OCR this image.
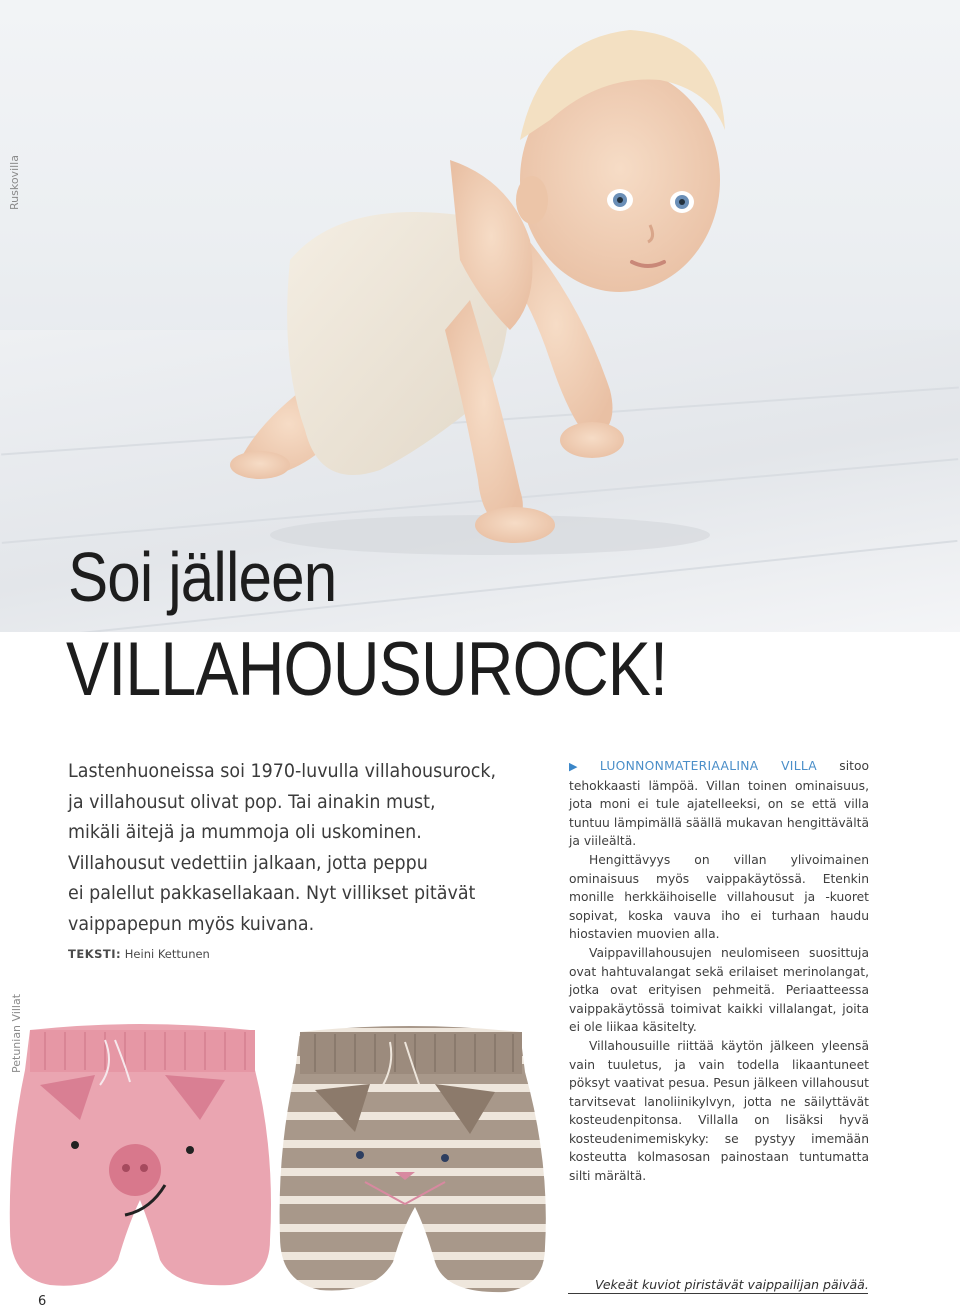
Ruskovilla
Soi jälleen
VILLAHOUSUROCK!

Lastenhuoneissa soi 1970-luvulla villahousurock,
ja villahousut olivat pop. Tai ainakin must,
mikäli äitejä ja mummoja oli uskominen.
Villahousut vedettiin jalkaan, jotta peppu
ei palellut pakkasellakaan. Nyt villikset pitävät
vaippapepun myös kuivana.

TEKSTI: Heini Kettunen

▶ LUONNONMATERIAALINA VILLA sitoo tehokkaasti lämpöä. Villan toinen ominaisuus, jota moni ei tule ajatelleeksi, on se että villa tuntuu lämpimällä säällä mukavan hengittävältä ja viileältä.

Hengittävyys on villan ylivoimainen ominaisuus myös vaippakäytössä. Etenkin monille herkkäihoiselle villahousut ja -kuoret sopivat, koska vauva iho ei turhaan haudu hiostavien muovien alla.

Vaippavillahousujen neulomiseen suosittuja ovat hahtuvalangat sekä erilaiset merinolangat, jotka ovat erityisen pehmeitä. Periaatteessa vaippakäytössä toimivat kaikki villalangat, joita ei ole liikaa käsitelty.

Villahousuille riittää käytön jälkeen yleensä vain tuuletus, ja vain todella likaantuneet pöksyt vaativat pesua. Pesun jälkeen villahousut tarvitsevat lanoliinikylvyn, jotta ne säilyttävät kosteudenpitonsa. Villalla on lisäksi hyvä kosteudenimemiskyky: se pystyy imemään kosteutta kolmasosan painostaan tuntumatta silti märältä.

Petunian Villat
Vekeät kuviot piristävät vaippailijan päivää.
6
